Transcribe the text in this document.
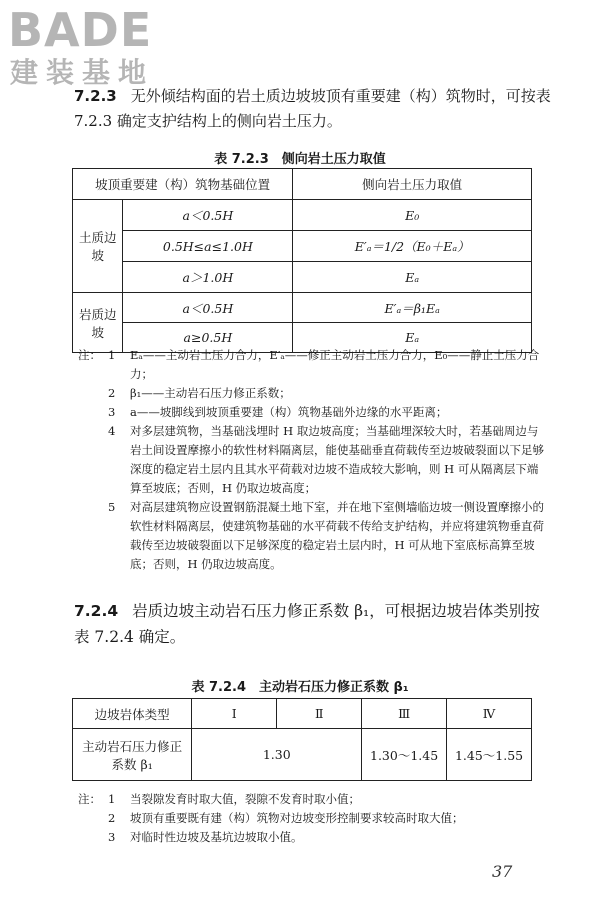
BADE
建装基地
7.2.3 无外倾结构面的岩土质边坡坡顶有重要建（构）筑物时，可按表 7.2.3 确定支护结构上的侧向岩土压力。
表 7.2.3　侧向岩土压力取值
坡顶重要建（构）筑物基础位置		侧向岩土压力取值
土质边坡	a＜0.5H	E₀
	0.5H≤a≤1.0H	E′ₐ＝1/2（E₀＋Eₐ）
	a＞1.0H	Eₐ
岩质边坡	a＜0.5H	E′ₐ＝β₁Eₐ
	a≥0.5H	Eₐ
注： 1 Eₐ——主动岩土压力合力，E′ₐ——修正主动岩土压力合力，E₀——静止土压力合力；
2 β₁——主动岩石压力修正系数；
3 a——坡脚线到坡顶重要建（构）筑物基础外边缘的水平距离；
4 对多层建筑物，当基础浅埋时 H 取边坡高度；当基础埋深较大时，若基础周边与岩土间设置摩擦小的软性材料隔离层，能使基础垂直荷载传至边坡破裂面以下足够深度的稳定岩土层内且其水平荷载对边坡不造成较大影响，则 H 可从隔离层下端算至坡底；否则，H 仍取边坡高度；
5 对高层建筑物应设置钢筋混凝土地下室，并在地下室侧墙临边坡一侧设置摩擦小的软性材料隔离层，使建筑物基础的水平荷载不传给支护结构，并应将建筑物垂直荷载传至边坡破裂面以下足够深度的稳定岩土层内时，H 可从地下室底标高算至坡底；否则，H 仍取边坡高度。
7.2.4 岩质边坡主动岩石压力修正系数 β₁，可根据边坡岩体类别按表 7.2.4 确定。
表 7.2.4　主动岩石压力修正系数 β₁
边坡岩体类型	Ⅰ	Ⅱ	Ⅲ	Ⅳ
主动岩石压力修正系数 β₁	1.30		1.30～1.45	1.45～1.55
注： 1 当裂隙发育时取大值，裂隙不发育时取小值；
2 坡顶有重要既有建（构）筑物对边坡变形控制要求较高时取大值；
3 对临时性边坡及基坑边坡取小值。
37
